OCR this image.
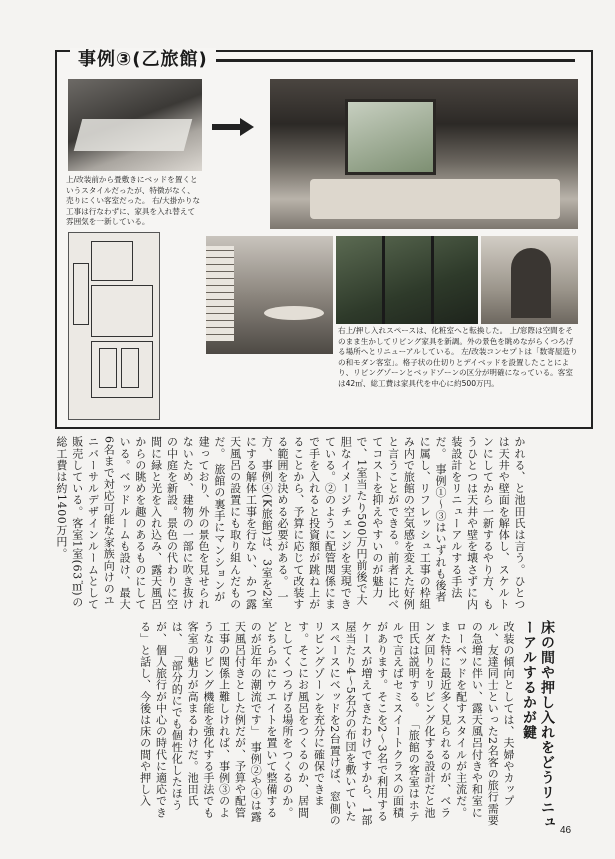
事例③(乙旅館)
上/改装前から畳敷きにベッドを置くというスタイルだったが、特徴がなく、売りにくい客室だった。 右/大掛かりな工事は行なわずに、家具を入れ替えて雰囲気を一新している。
右上/押し入れスペースは、化粧室へと転換した。 上/窓際は空間をそのまま生かしてリビング家具を新調。外の景色を眺めながらくつろげる場所へとリニューアルしている。 左/改装コンセプトは「数寄屋造りの和モダン客室」。格子状の仕切りとデイベッドを設置したことにより、リビングゾーンとベッドゾーンの区分が明確になっている。客室は42㎡、総工費は家具代を中心に約500万円。
かれる、と池田氏は言う。ひとつは天井や壁面を解体し、スケルトンにしてから一新するやり方、もうひとつは天井や壁を壊さずに内装設計をリニューアルする手法だ。 事例①～③はいずれも後者に属し、リフレッシュ工事の枠組み内で旅館の空気感を変えた好例と言うことができる。前者に比べてコストを抑えやすいのが魅力で、1室当たり500万円前後で大胆なイメージチェンジを実現できている。②のように配管関係にまで手を入れると投資額が跳ね上がることから、予算に応じて改装する範囲を決める必要がある。 一方、事例④(K旅館)は、3室を2室にする解体工事を行ない、かつ露天風呂の設置にも取り組んだものだ。 旅館の裏手にマンションが建っており、外の景色を見せられないため、建物の一部に吹き抜けの中庭を新設。景色の代わりに空間に緑と光を入れ込み、露天風呂からの眺めを趣のあるものにしている。ベッドルームも設け、最大6名まで対応可能な家族向けのユニバーサルデザインルームとして販売している。客室1室(63㎡)の総工費は約1400万円。
床の間や押し入れをどうリニューアルするかが鍵
改装の傾向としては、夫婦やカップル、友達同士といった2名客の旅行需要の急増に伴い、露天風呂付きや和室にローベッドを配すスタイルが主流だ。また特に最近多く見られるのが、ベランダ回りをリビング化する設計だと池田氏は説明する。 「旅館の客室はホテルで言えばセミスイートクラスの面積があります。そこを2～3名で利用するケースが増えてきたわけですから、1部屋当たり4～5名分の布団を敷いていたスペースにベッドを2台置けば、窓側のリビングゾーンを充分に確保できます。そこにお風呂をつくるのか、居間としてくつろげる場所をつくるのか。どちらかにウエイトを置いて整備するのが近年の潮流です」 事例②や④は露天風呂付きとした例だが、予算や配管工事の関係上難しければ、事例③のようなリビング機能を強化する手法でも客室の魅力が高まるわけだ。池田氏は、 「部分的にでも個性化したほうが、個人旅行が中心の時代に適応できる」と話し、今後は床の間や押し入
46
